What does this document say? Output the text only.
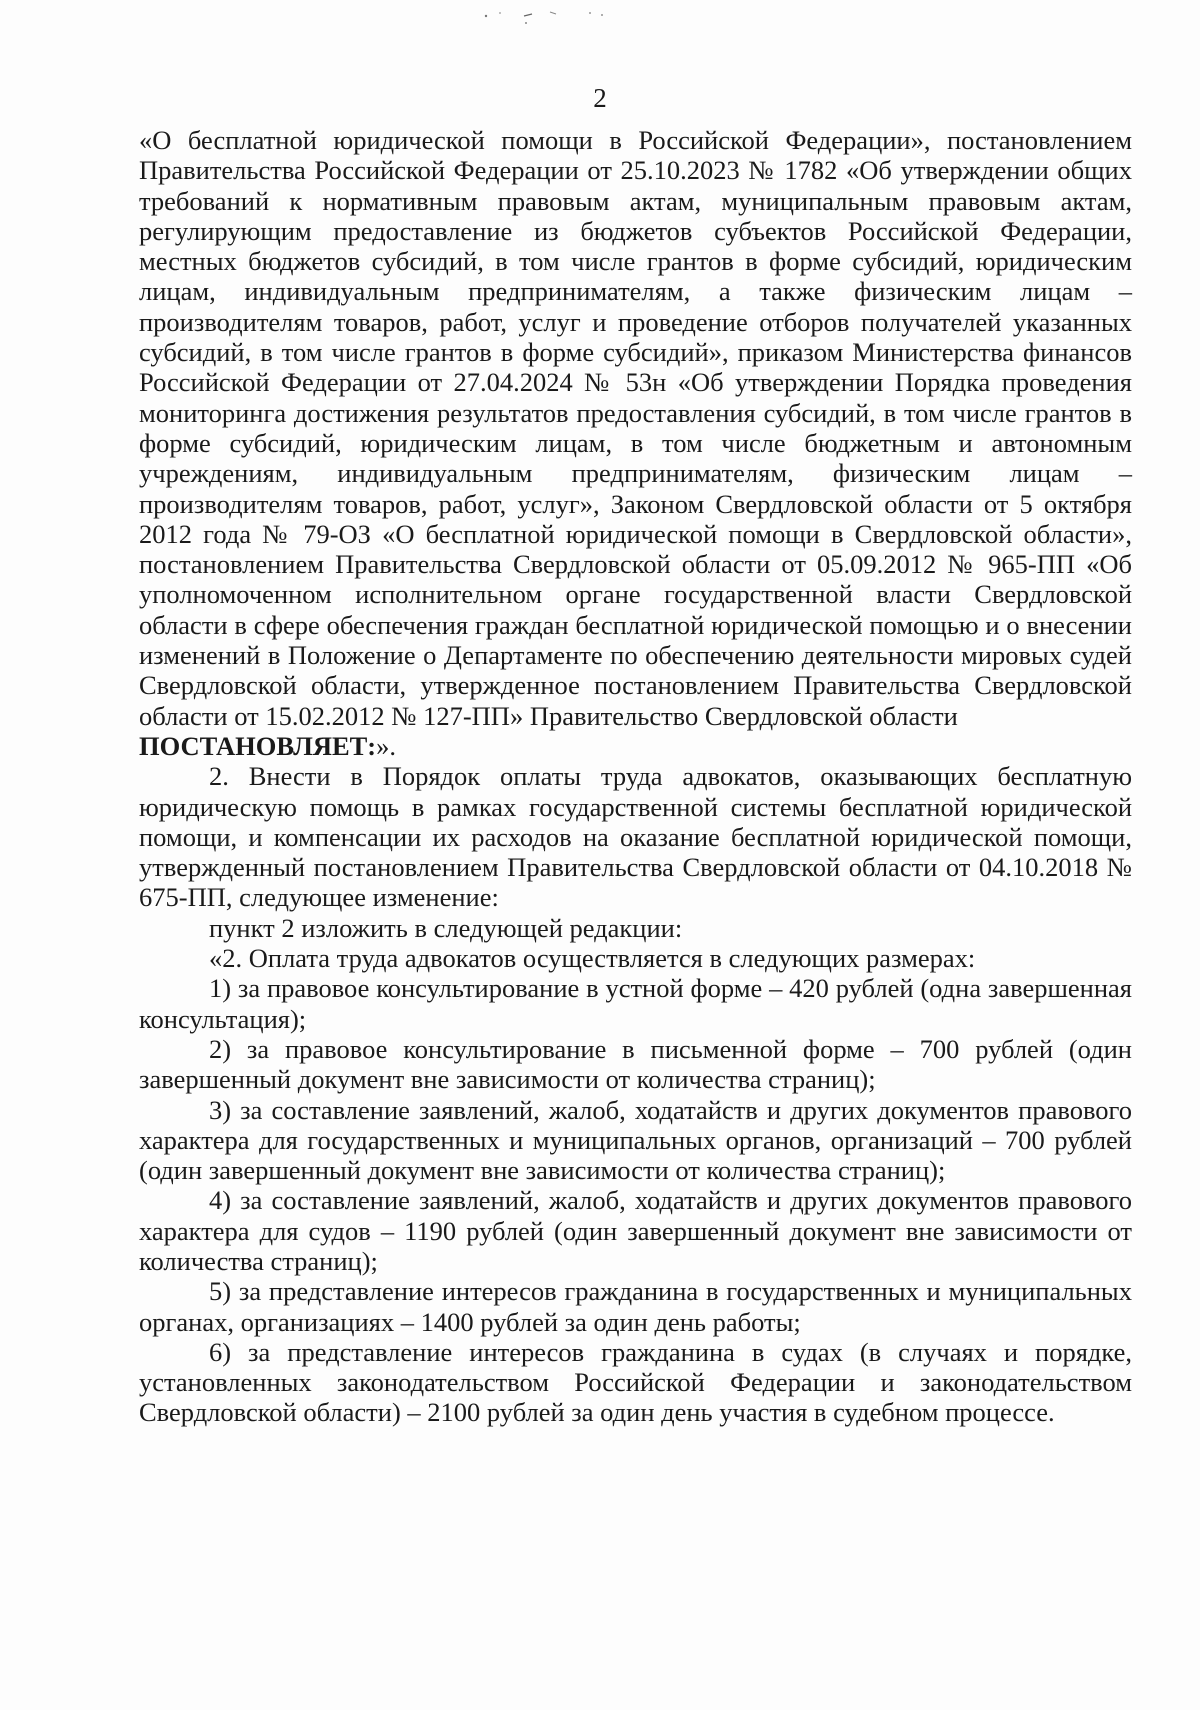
2

«О бесплатной юридической помощи в Российской Федерации», постановлением Правительства Российской Федерации от 25.10.2023 № 1782 «Об утверждении общих требований к нормативным правовым актам, муниципальным правовым актам, регулирующим предоставление из бюджетов субъектов Российской Федерации, местных бюджетов субсидий, в том числе грантов в форме субсидий, юридическим лицам, индивидуальным предпринимателям, а также физическим лицам – производителям товаров, работ, услуг и проведение отборов получателей указанных субсидий, в том числе грантов в форме субсидий», приказом Министерства финансов Российской Федерации от 27.04.2024 № 53н «Об утверждении Порядка проведения мониторинга достижения результатов предоставления субсидий, в том числе грантов в форме субсидий, юридическим лицам, в том числе бюджетным и автономным учреждениям, индивидуальным предпринимателям, физическим лицам – производителям товаров, работ, услуг», Законом Свердловской области от 5 октября 2012 года № 79-ОЗ «О бесплатной юридической помощи в Свердловской области», постановлением Правительства Свердловской области от 05.09.2012 № 965-ПП «Об уполномоченном исполнительном органе государственной власти Свердловской области в сфере обеспечения граждан бесплатной юридической помощью и о внесении изменений в Положение о Департаменте по обеспечению деятельности мировых судей Свердловской области, утвержденное постановлением Правительства Свердловской области от 15.02.2012 № 127-ПП» Правительство Свердловской области

ПОСТАНОВЛЯЕТ:».

2. Внести в Порядок оплаты труда адвокатов, оказывающих бесплатную юридическую помощь в рамках государственной системы бесплатной юридической помощи, и компенсации их расходов на оказание бесплатной юридической помощи, утвержденный постановлением Правительства Свердловской области от 04.10.2018 № 675-ПП, следующее изменение:

пункт 2 изложить в следующей редакции:

«2. Оплата труда адвокатов осуществляется в следующих размерах:

1) за правовое консультирование в устной форме – 420 рублей (одна завершенная консультация);

2) за правовое консультирование в письменной форме – 700 рублей (один завершенный документ вне зависимости от количества страниц);

3) за составление заявлений, жалоб, ходатайств и других документов правового характера для государственных и муниципальных органов, организаций – 700 рублей (один завершенный документ вне зависимости от количества страниц);

4) за составление заявлений, жалоб, ходатайств и других документов правового характера для судов – 1190 рублей (один завершенный документ вне зависимости от количества страниц);

5) за представление интересов гражданина в государственных и муниципальных органах, организациях – 1400 рублей за один день работы;

6) за представление интересов гражданина в судах (в случаях и порядке, установленных законодательством Российской Федерации и законодательством Свердловской области) – 2100 рублей за один день участия в судебном процессе.
